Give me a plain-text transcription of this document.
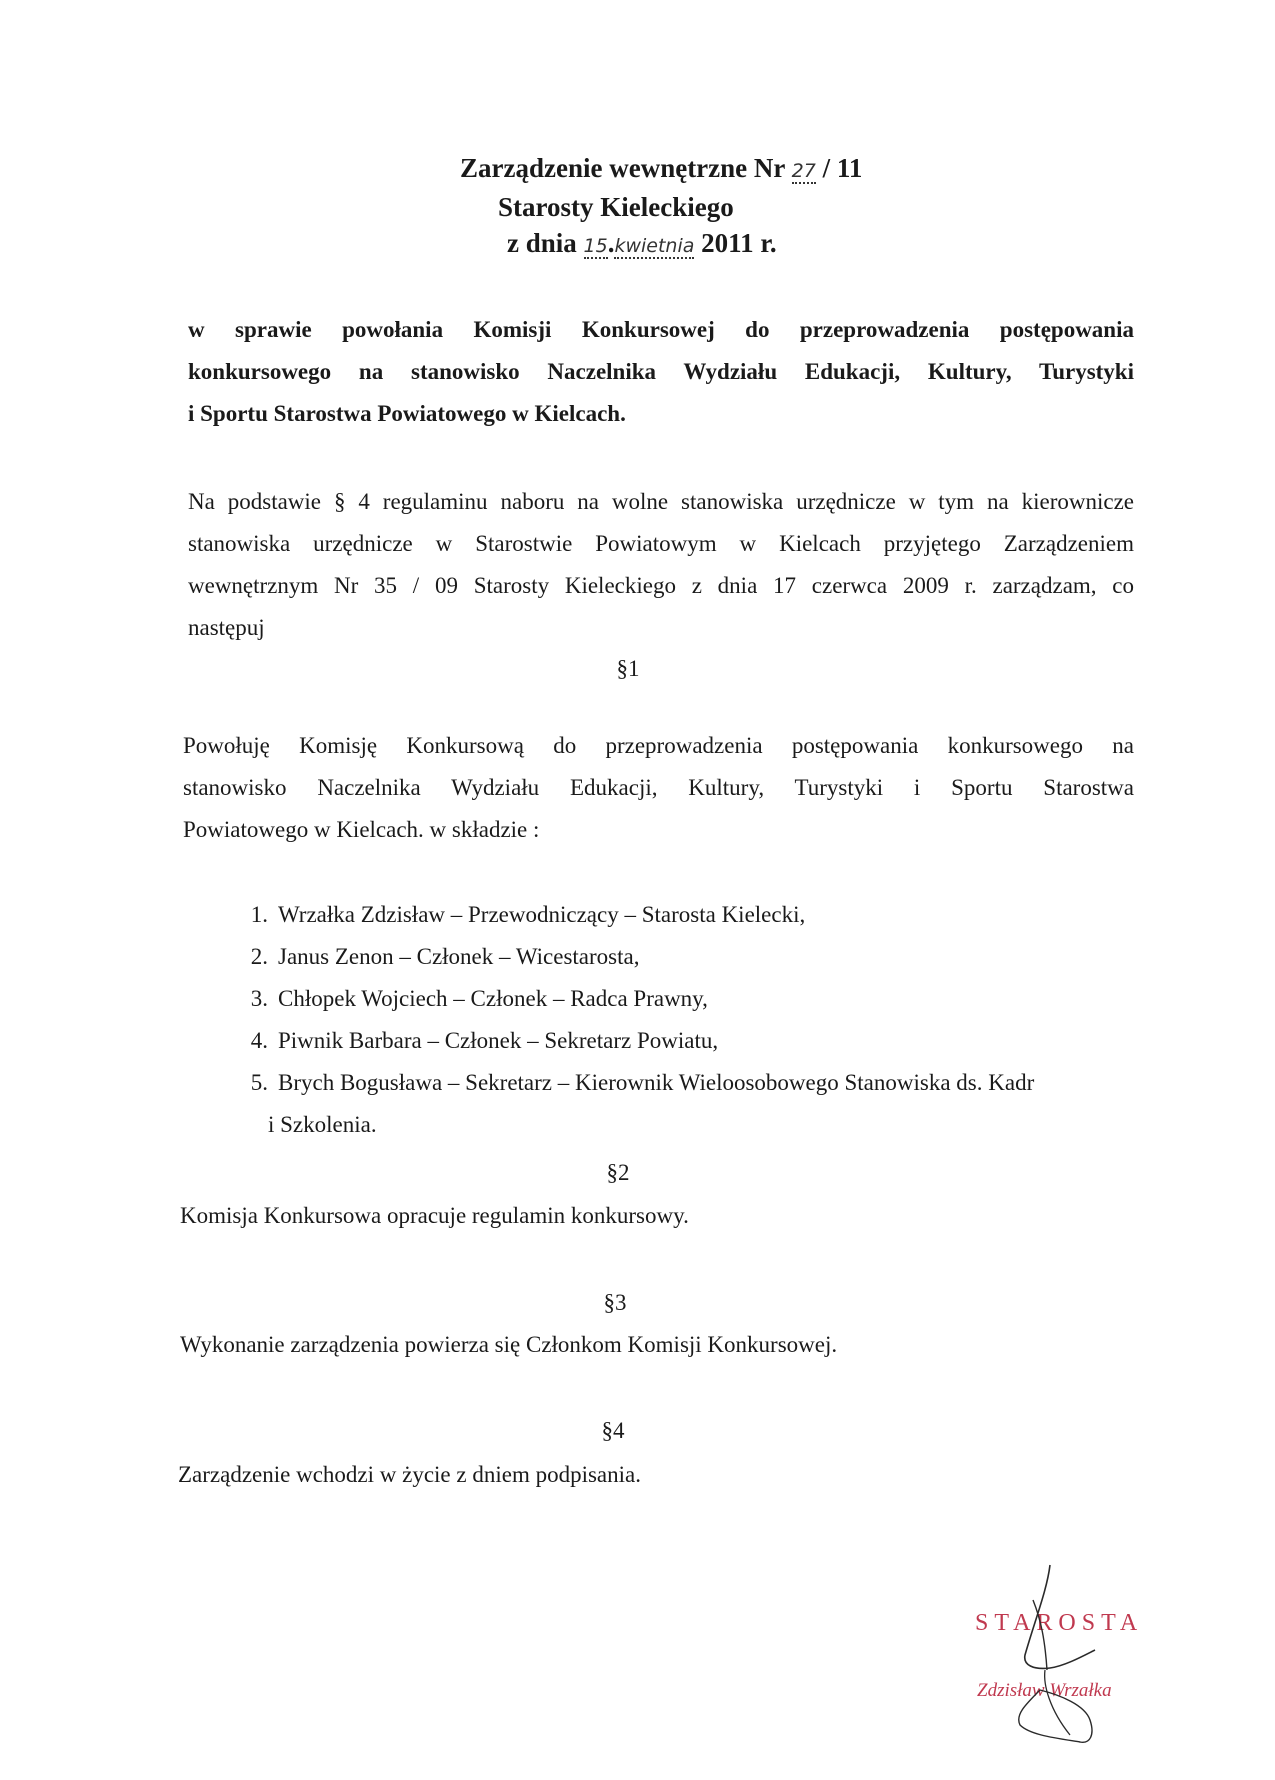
Zarządzenie wewnętrzne Nr 27 / 11
Starosty Kieleckiego
z dnia 15.kwietnia 2011 r.
w sprawie powołania Komisji Konkursowej do przeprowadzenia postępowania
konkursowego na stanowisko Naczelnika Wydziału Edukacji, Kultury, Turystyki
i Sportu Starostwa Powiatowego w Kielcach.
Na podstawie § 4 regulaminu naboru na wolne stanowiska urzędnicze w tym na kierownicze
stanowiska urzędnicze w Starostwie Powiatowym w Kielcach przyjętego Zarządzeniem
wewnętrznym Nr 35 / 09 Starosty Kieleckiego z dnia 17 czerwca 2009 r. zarządzam, co
następuj
§1
Powołuję Komisję Konkursową do przeprowadzenia postępowania konkursowego na
stanowisko Naczelnika Wydziału Edukacji, Kultury, Turystyki i Sportu Starostwa
Powiatowego w Kielcach. w składzie :
1. Wrzałka Zdzisław – Przewodniczący – Starosta Kielecki,
2. Janus Zenon – Członek – Wicestarosta,
3. Chłopek Wojciech – Członek – Radca Prawny,
4. Piwnik Barbara – Członek – Sekretarz Powiatu,
5. Brych Bogusława – Sekretarz – Kierownik Wieloosobowego Stanowiska ds. Kadr
i Szkolenia.
§2
Komisja Konkursowa opracuje regulamin konkursowy.
§3
Wykonanie zarządzenia powierza się Członkom Komisji Konkursowej.
§4
Zarządzenie wchodzi w życie z dniem podpisania.
STAROSTA
Zdzisław Wrzałka
